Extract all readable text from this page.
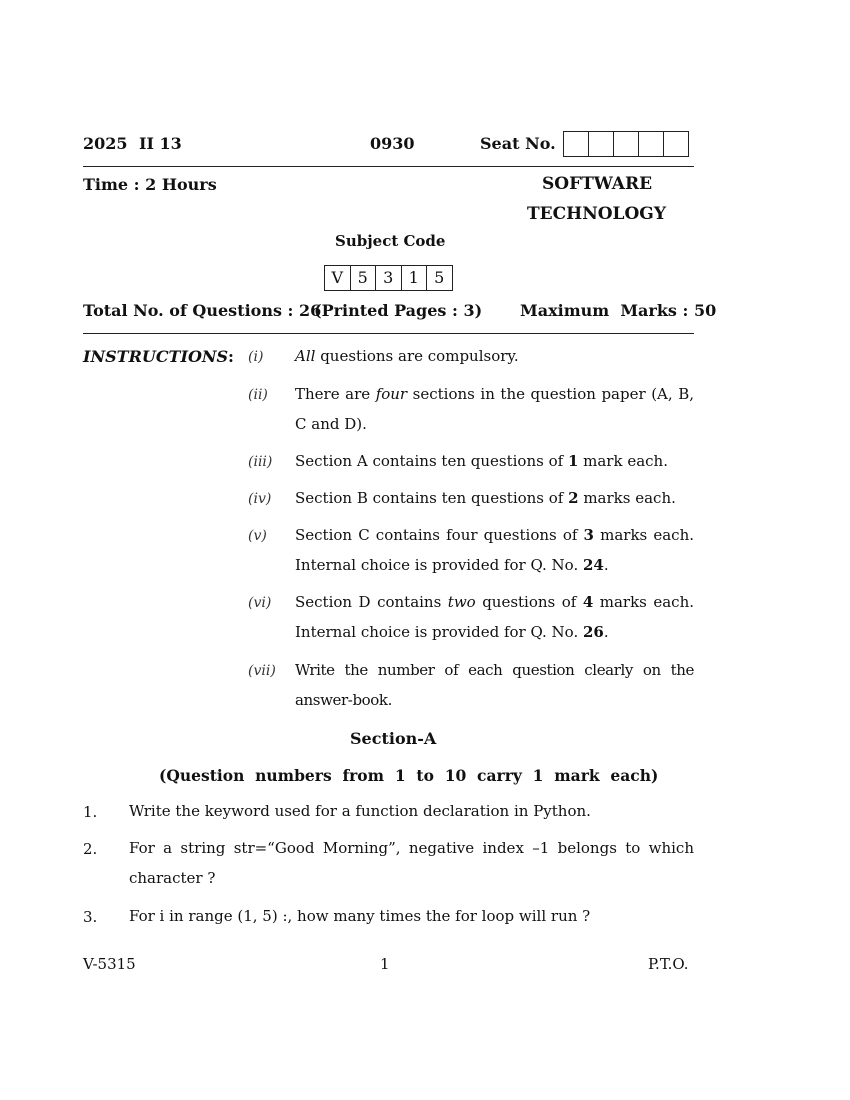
2025 II 13	0930	Seat No.
Time : 2 Hours	SOFTWARE
TECHNOLOGY
Subject Code
V 5 3 1 5
Total No. of Questions : 26
(Printed Pages : 3) Maximum  Marks : 50
INSTRUCTIONS : (i) All questions are compulsory.
(ii) There are four sections in the question paper (A, B, C and D).
(iii) Section A contains ten questions of 1 mark each.
(iv) Section B contains ten questions of 2 marks each.
(v) Section C contains four questions of 3 marks each. Internal choice is provided for Q. No. 24.
(vi) Section D contains two questions of 4 marks each. Internal choice is provided for Q. No. 26.
(vii) Write the number of each question clearly on the answer-book.
Section-A
(Question  numbers  from  1  to  10  carry  1  mark  each)
1. Write the keyword used for a function declaration in Python.
2. For a string str=“Good Morning”, negative index –1 belongs to which character ?
3. For i in range (1, 5) :, how many times the for loop will run ?
V-5315	1	P.T.O.
